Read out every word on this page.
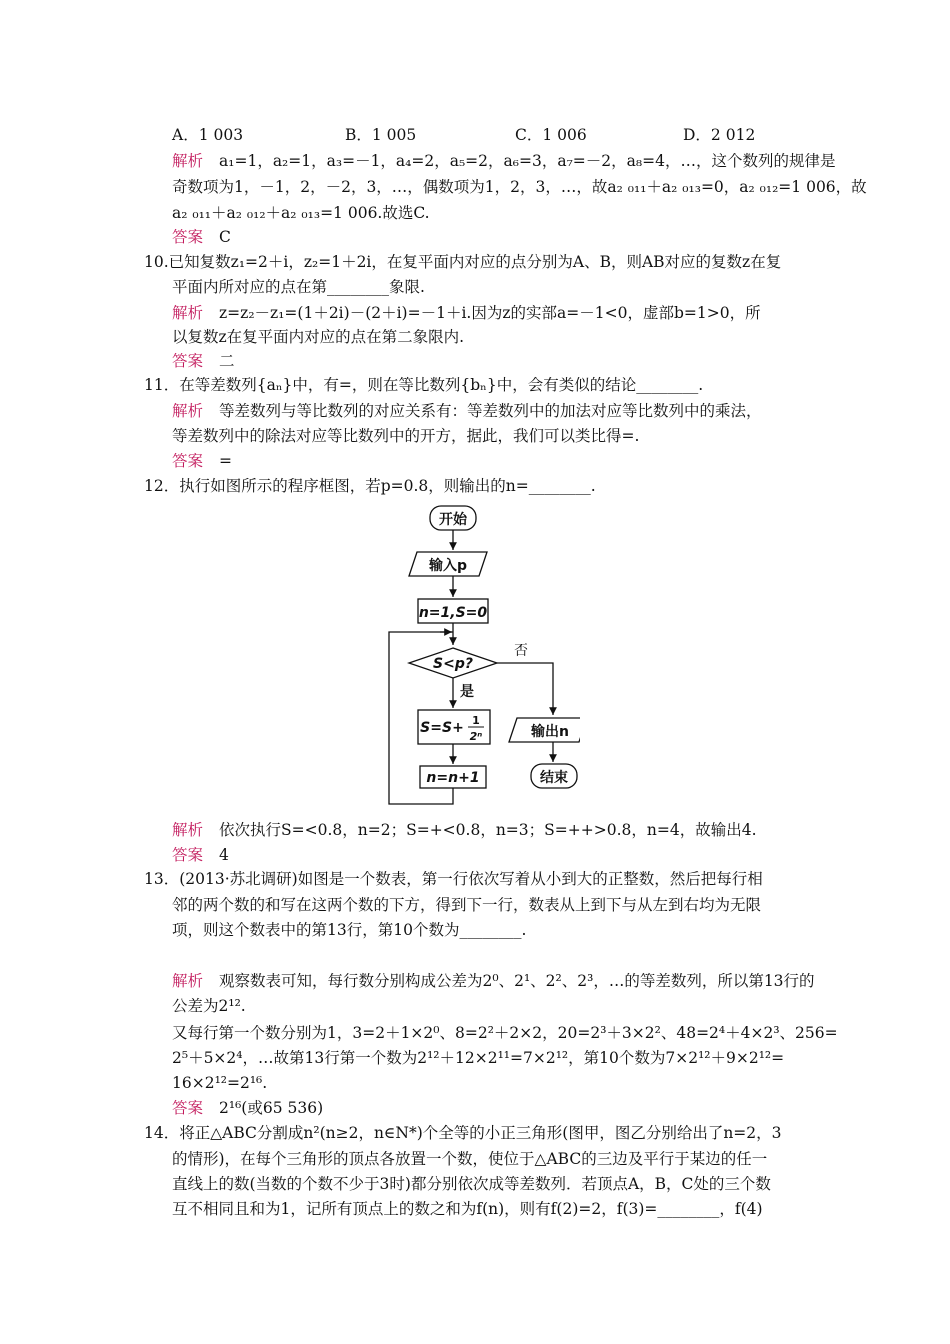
A．1 003	B．1 005	C．1 006	D．2 012
解析 a₁=1，a₂=1，a₃=－1，a₄=2，a₅=2，a₆=3，a₇=－2，a₈=4，…，这个数列的规律是
奇数项为1，－1，2，－2，3，…，偶数项为1，2，3，…，故a₂ ₀₁₁＋a₂ ₀₁₃=0，a₂ ₀₁₂=1 006，故
a₂ ₀₁₁＋a₂ ₀₁₂＋a₂ ₀₁₃=1 006.故选C.
答案 C
10.已知复数z₁=2＋i，z₂=1＋2i，在复平面内对应的点分别为A、B，则AB对应的复数z在复
平面内所对应的点在第________象限.
解析 z=z₂－z₁=(1＋2i)－(2＋i)=－1＋i.因为z的实部a=－1<0，虚部b=1>0，所
以复数z在复平面内对应的点在第二象限内.
答案 二
11．在等差数列{aₙ}中，有=，则在等比数列{bₙ}中，会有类似的结论________.
解析 等差数列与等比数列的对应关系有：等差数列中的加法对应等比数列中的乘法，
等差数列中的除法对应等比数列中的开方，据此，我们可以类比得=.
答案 =
12．执行如图所示的程序框图，若p=0.8，则输出的n=________.
开始
输入p
n=1,S=0
S<p?
否
是
S=S+ 1
2ⁿ
n=n+1
输出n
结束
解析 依次执行S=<0.8，n=2；S=+<0.8，n=3；S=++>0.8，n=4，故输出4.
答案 4
13．(2013·苏北调研)如图是一个数表，第一行依次写着从小到大的正整数，然后把每行相
邻的两个数的和写在这两个数的下方，得到下一行，数表从上到下与从左到右均为无限
项，则这个数表中的第13行，第10个数为________.
解析 观察数表可知，每行数分别构成公差为2⁰、2¹、2²、2³，…的等差数列，所以第13行的
公差为2¹².
又每行第一个数分别为1，3=2＋1×2⁰、8=2²＋2×2，20=2³＋3×2²、48=2⁴＋4×2³、256=
2⁵＋5×2⁴，…故第13行第一个数为2¹²＋12×2¹¹=7×2¹²，第10个数为7×2¹²＋9×2¹²=
16×2¹²=2¹⁶.
答案 2¹⁶(或65 536)
14．将正△ABC分割成n²(n≥2，n∈N*)个全等的小正三角形(图甲，图乙分别给出了n=2，3
的情形)，在每个三角形的顶点各放置一个数，使位于△ABC的三边及平行于某边的任一
直线上的数(当数的个数不少于3时)都分别依次成等差数列．若顶点A，B，C处的三个数
互不相同且和为1，记所有顶点上的数之和为f(n)，则有f(2)=2，f(3)=________，f(4)
